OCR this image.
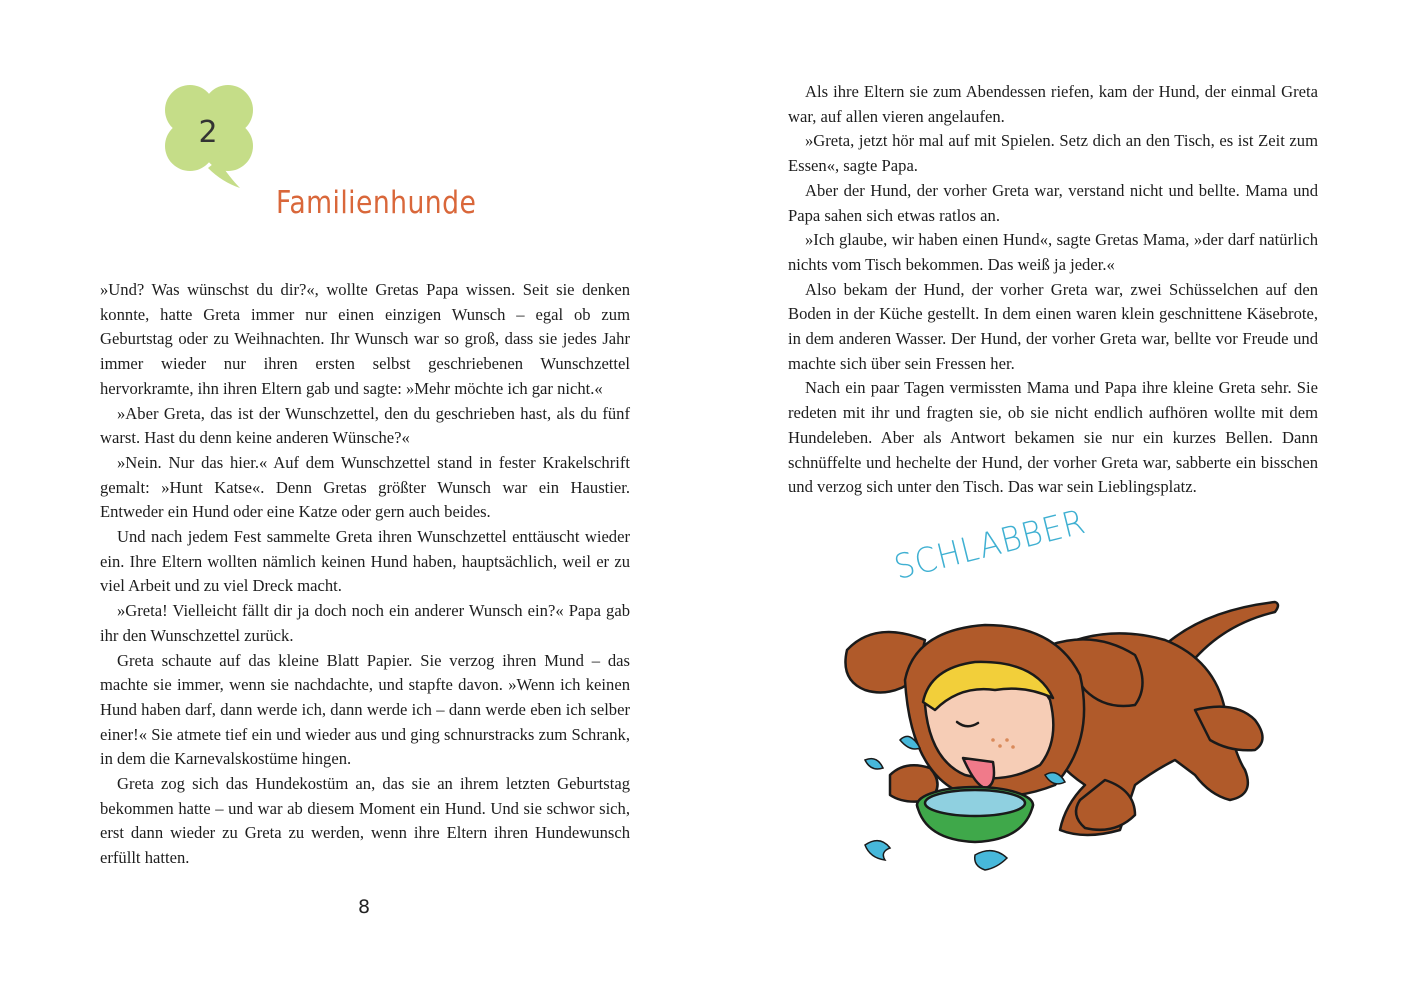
2
Familienhunde

»Und? Was wünschst du dir?«, wollte Gretas Papa wissen. Seit sie denken konnte, hatte Greta immer nur einen einzigen Wunsch – egal ob zum Geburtstag oder zu Weihnachten. Ihr Wunsch war so groß, dass sie jedes Jahr immer wieder nur ihren ersten selbst geschriebenen Wunschzettel hervorkramte, ihn ihren Eltern gab und sagte: »Mehr möchte ich gar nicht.«

»Aber Greta, das ist der Wunschzettel, den du geschrieben hast, als du fünf warst. Hast du denn keine anderen Wünsche?«

»Nein. Nur das hier.« Auf dem Wunschzettel stand in fester Krakelschrift gemalt: »Hunt Katse«. Denn Gretas größter Wunsch war ein Haustier. Entweder ein Hund oder eine Katze oder gern auch beides.

Und nach jedem Fest sammelte Greta ihren Wunschzettel enttäuscht wieder ein. Ihre Eltern wollten nämlich keinen Hund haben, hauptsächlich, weil er zu viel Arbeit und zu viel Dreck macht.

»Greta! Vielleicht fällt dir ja doch noch ein anderer Wunsch ein?« Papa gab ihr den Wunschzettel zurück.

Greta schaute auf das kleine Blatt Papier. Sie verzog ihren Mund – das machte sie immer, wenn sie nachdachte, und stapfte davon. »Wenn ich keinen Hund haben darf, dann werde ich, dann werde ich – dann werde eben ich selber einer!« Sie atmete tief ein und wieder aus und ging schnurstracks zum Schrank, in dem die Karnevalskostüme hingen.

Greta zog sich das Hundekostüm an, das sie an ihrem letzten Geburtstag bekommen hatte – und war ab diesem Moment ein Hund. Und sie schwor sich, erst dann wieder zu Greta zu werden, wenn ihre Eltern ihren Hundewunsch erfüllt hatten.

8

Als ihre Eltern sie zum Abendessen riefen, kam der Hund, der einmal Greta war, auf allen vieren angelaufen.

»Greta, jetzt hör mal auf mit Spielen. Setz dich an den Tisch, es ist Zeit zum Essen«, sagte Papa.

Aber der Hund, der vorher Greta war, verstand nicht und bellte. Mama und Papa sahen sich etwas ratlos an.

»Ich glaube, wir haben einen Hund«, sagte Gretas Mama, »der darf natürlich nichts vom Tisch bekommen. Das weiß ja jeder.«

Also bekam der Hund, der vorher Greta war, zwei Schüsselchen auf den Boden in der Küche gestellt. In dem einen waren klein geschnittene Käsebrote, in dem anderen Wasser. Der Hund, der vorher Greta war, bellte vor Freude und machte sich über sein Fressen her.

Nach ein paar Tagen vermissten Mama und Papa ihre kleine Greta sehr. Sie redeten mit ihr und fragten sie, ob sie nicht endlich aufhören wollte mit dem Hundeleben. Aber als Antwort bekamen sie nur ein kurzes Bellen. Dann schnüffelte und hechelte der Hund, der vorher Greta war, sabberte ein bisschen und verzog sich unter den Tisch. Das war sein Lieblingsplatz.

SCHLABBER
